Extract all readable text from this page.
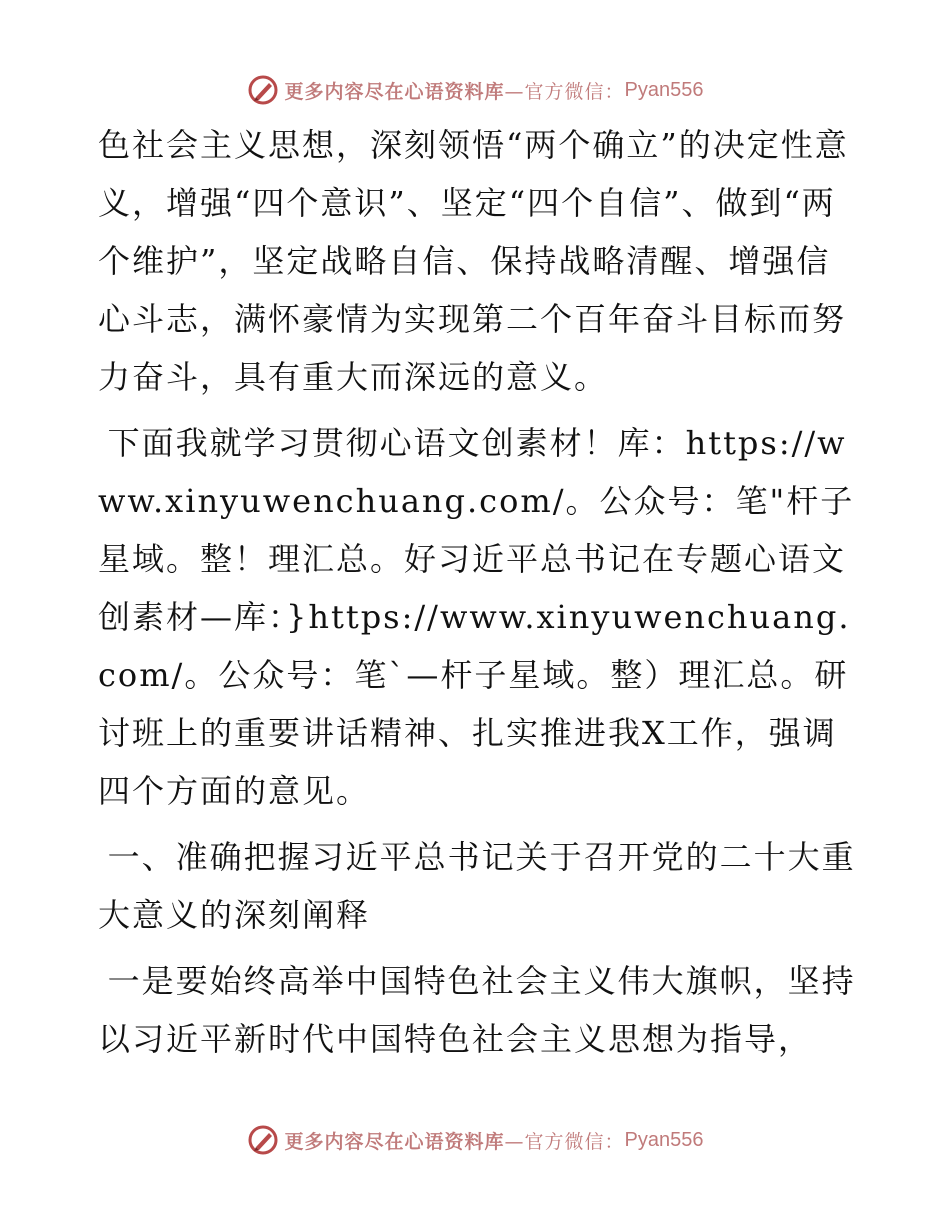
更多内容尽在心语资料库 —官方微信： Pyan556

色社会主义思想，深刻领悟“两个确立”的决定性意义，增强“四个意识”、坚定“四个自信”、做到“两个维护”，坚定战略自信、保持战略清醒、增强信心斗志，满怀豪情为实现第二个百年奋斗目标而努力奋斗，具有重大而深远的意义。

下面我就学习贯彻心语文创素材！库：https://www.xinyuwenchuang.com/。公众号：笔"杆子星域。整！理汇总。好习近平总书记在专题心语文创素材—库：}https://www.xinyuwenchuang.com/。公众号：笔`—杆子星域。整）理汇总。研讨班上的重要讲话精神、扎实推进我X工作，强调四个方面的意见。

一、准确把握习近平总书记关于召开党的二十大重大意义的深刻阐释

一是要始终高举中国特色社会主义伟大旗帜，坚持以习近平新时代中国特色社会主义思想为指导，

更多内容尽在心语资料库 —官方微信： Pyan556
